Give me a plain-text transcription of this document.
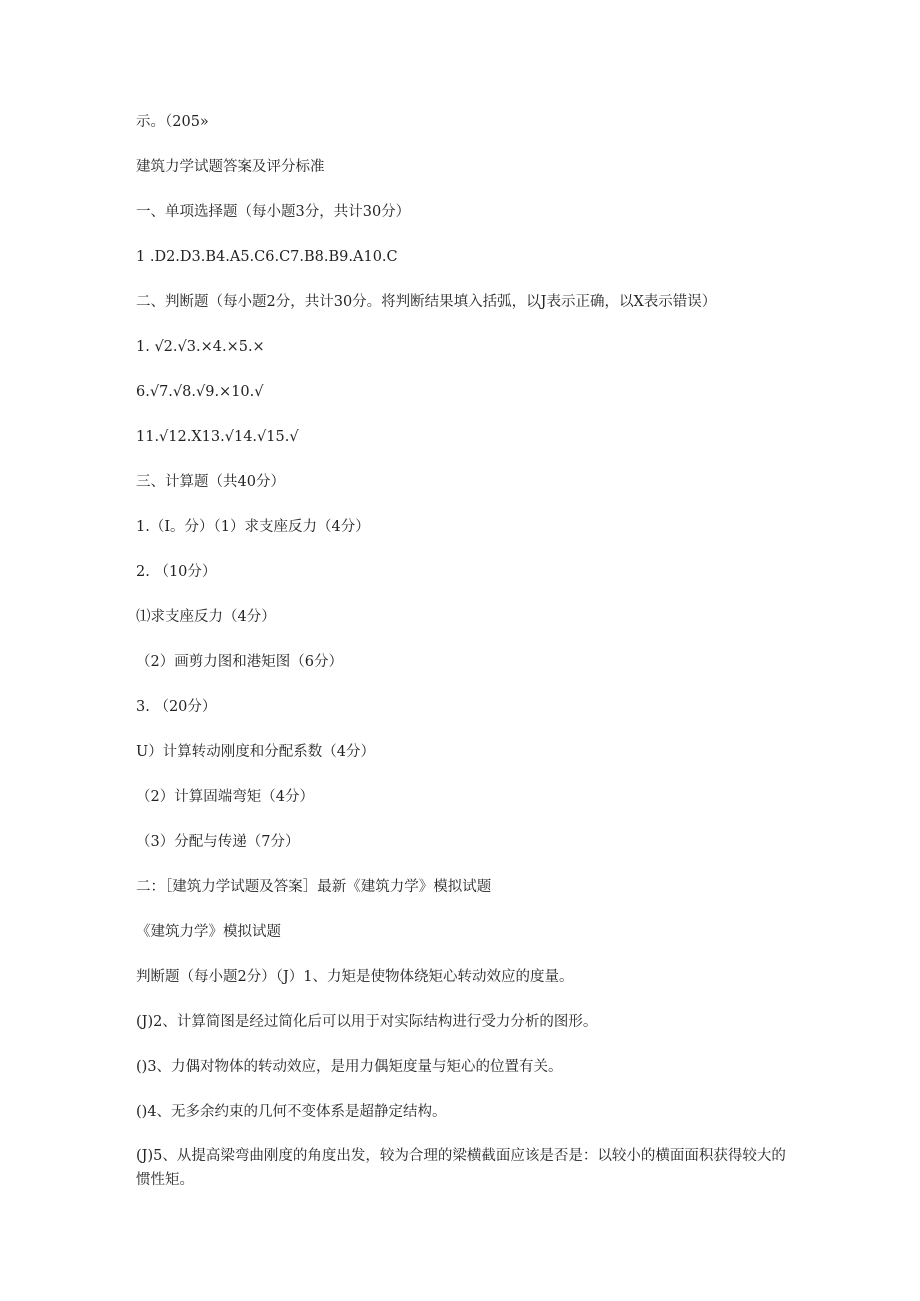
示。（205»
建筑力学试题答案及评分标准
一、单项选择题（每小题3分，共计30分）
1 .D2.D3.B4.A5.C6.C7.B8.B9.A10.C
二、判断题（每小题2分，共计30分。将判断结果填入括弧，以J表示正确，以X表示错误）
1. √2.√3.×4.×5.×
6.√7.√8.√9.×10.√
11.√12.X13.√14.√15.√
三、计算题（共40分）
1.（I。分）（1）求支座反力（4分）
2. （10分）
⑴求支座反力（4分）
（2）画剪力图和港矩图（6分）
3. （20分）
U）计算转动刚度和分配系数（4分）
（2）计算固端弯矩（4分）
（3）分配与传递（7分）
二：［建筑力学试题及答案］最新《建筑力学》模拟试题
《建筑力学》模拟试题
判断题（每小题2分）（J）1、力矩是使物体绕矩心转动效应的度量。
(J)2、计算简图是经过简化后可以用于对实际结构进行受力分析的图形。
()3、力偶对物体的转动效应，是用力偶矩度量与矩心的位置有关。
()4、无多余约束的几何不变体系是超静定结构。
(J)5、从提高梁弯曲刚度的角度出发，较为合理的梁横截面应该是否是：以较小的横面面积获得较大的惯性矩。
